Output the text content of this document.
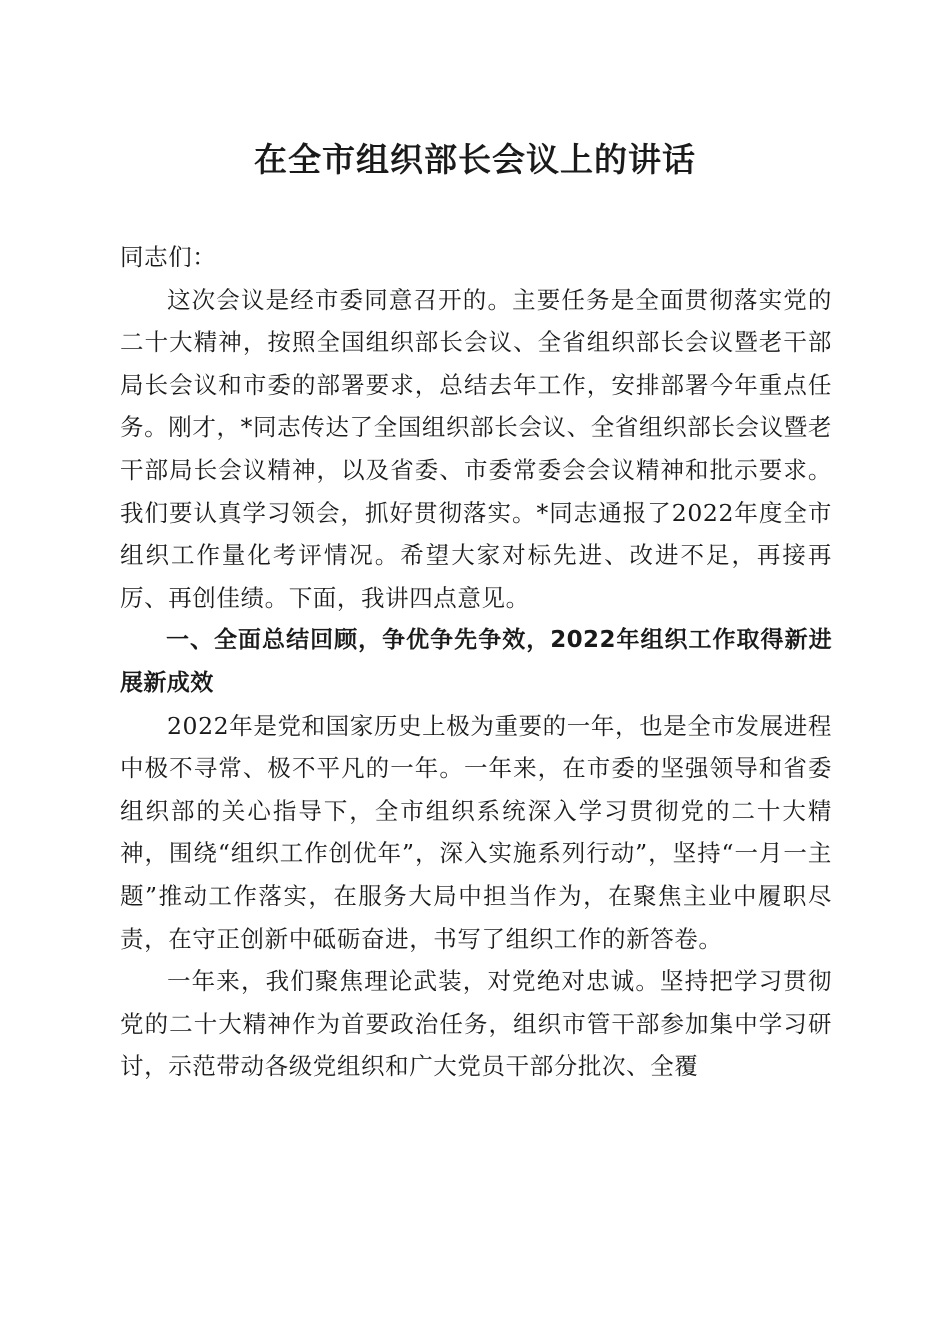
在全市组织部长会议上的讲话

同志们：

这次会议是经市委同意召开的。主要任务是全面贯彻落实党的二十大精神，按照全国组织部长会议、全省组织部长会议暨老干部局长会议和市委的部署要求，总结去年工作，安排部署今年重点任务。刚才，*同志传达了全国组织部长会议、全省组织部长会议暨老干部局长会议精神，以及省委、市委常委会会议精神和批示要求。我们要认真学习领会，抓好贯彻落实。*同志通报了2022年度全市组织工作量化考评情况。希望大家对标先进、改进不足，再接再厉、再创佳绩。下面，我讲四点意见。

一、全面总结回顾，争优争先争效，2022年组织工作取得新进展新成效

2022年是党和国家历史上极为重要的一年，也是全市发展进程中极不寻常、极不平凡的一年。一年来，在市委的坚强领导和省委组织部的关心指导下，全市组织系统深入学习贯彻党的二十大精神，围绕“组织工作创优年”，深入实施系列行动”，坚持“一月一主题”推动工作落实，在服务大局中担当作为，在聚焦主业中履职尽责，在守正创新中砥砺奋进，书写了组织工作的新答卷。

一年来，我们聚焦理论武装，对党绝对忠诚。坚持把学习贯彻党的二十大精神作为首要政治任务，组织市管干部参加集中学习研讨，示范带动各级党组织和广大党员干部分批次、全覆
